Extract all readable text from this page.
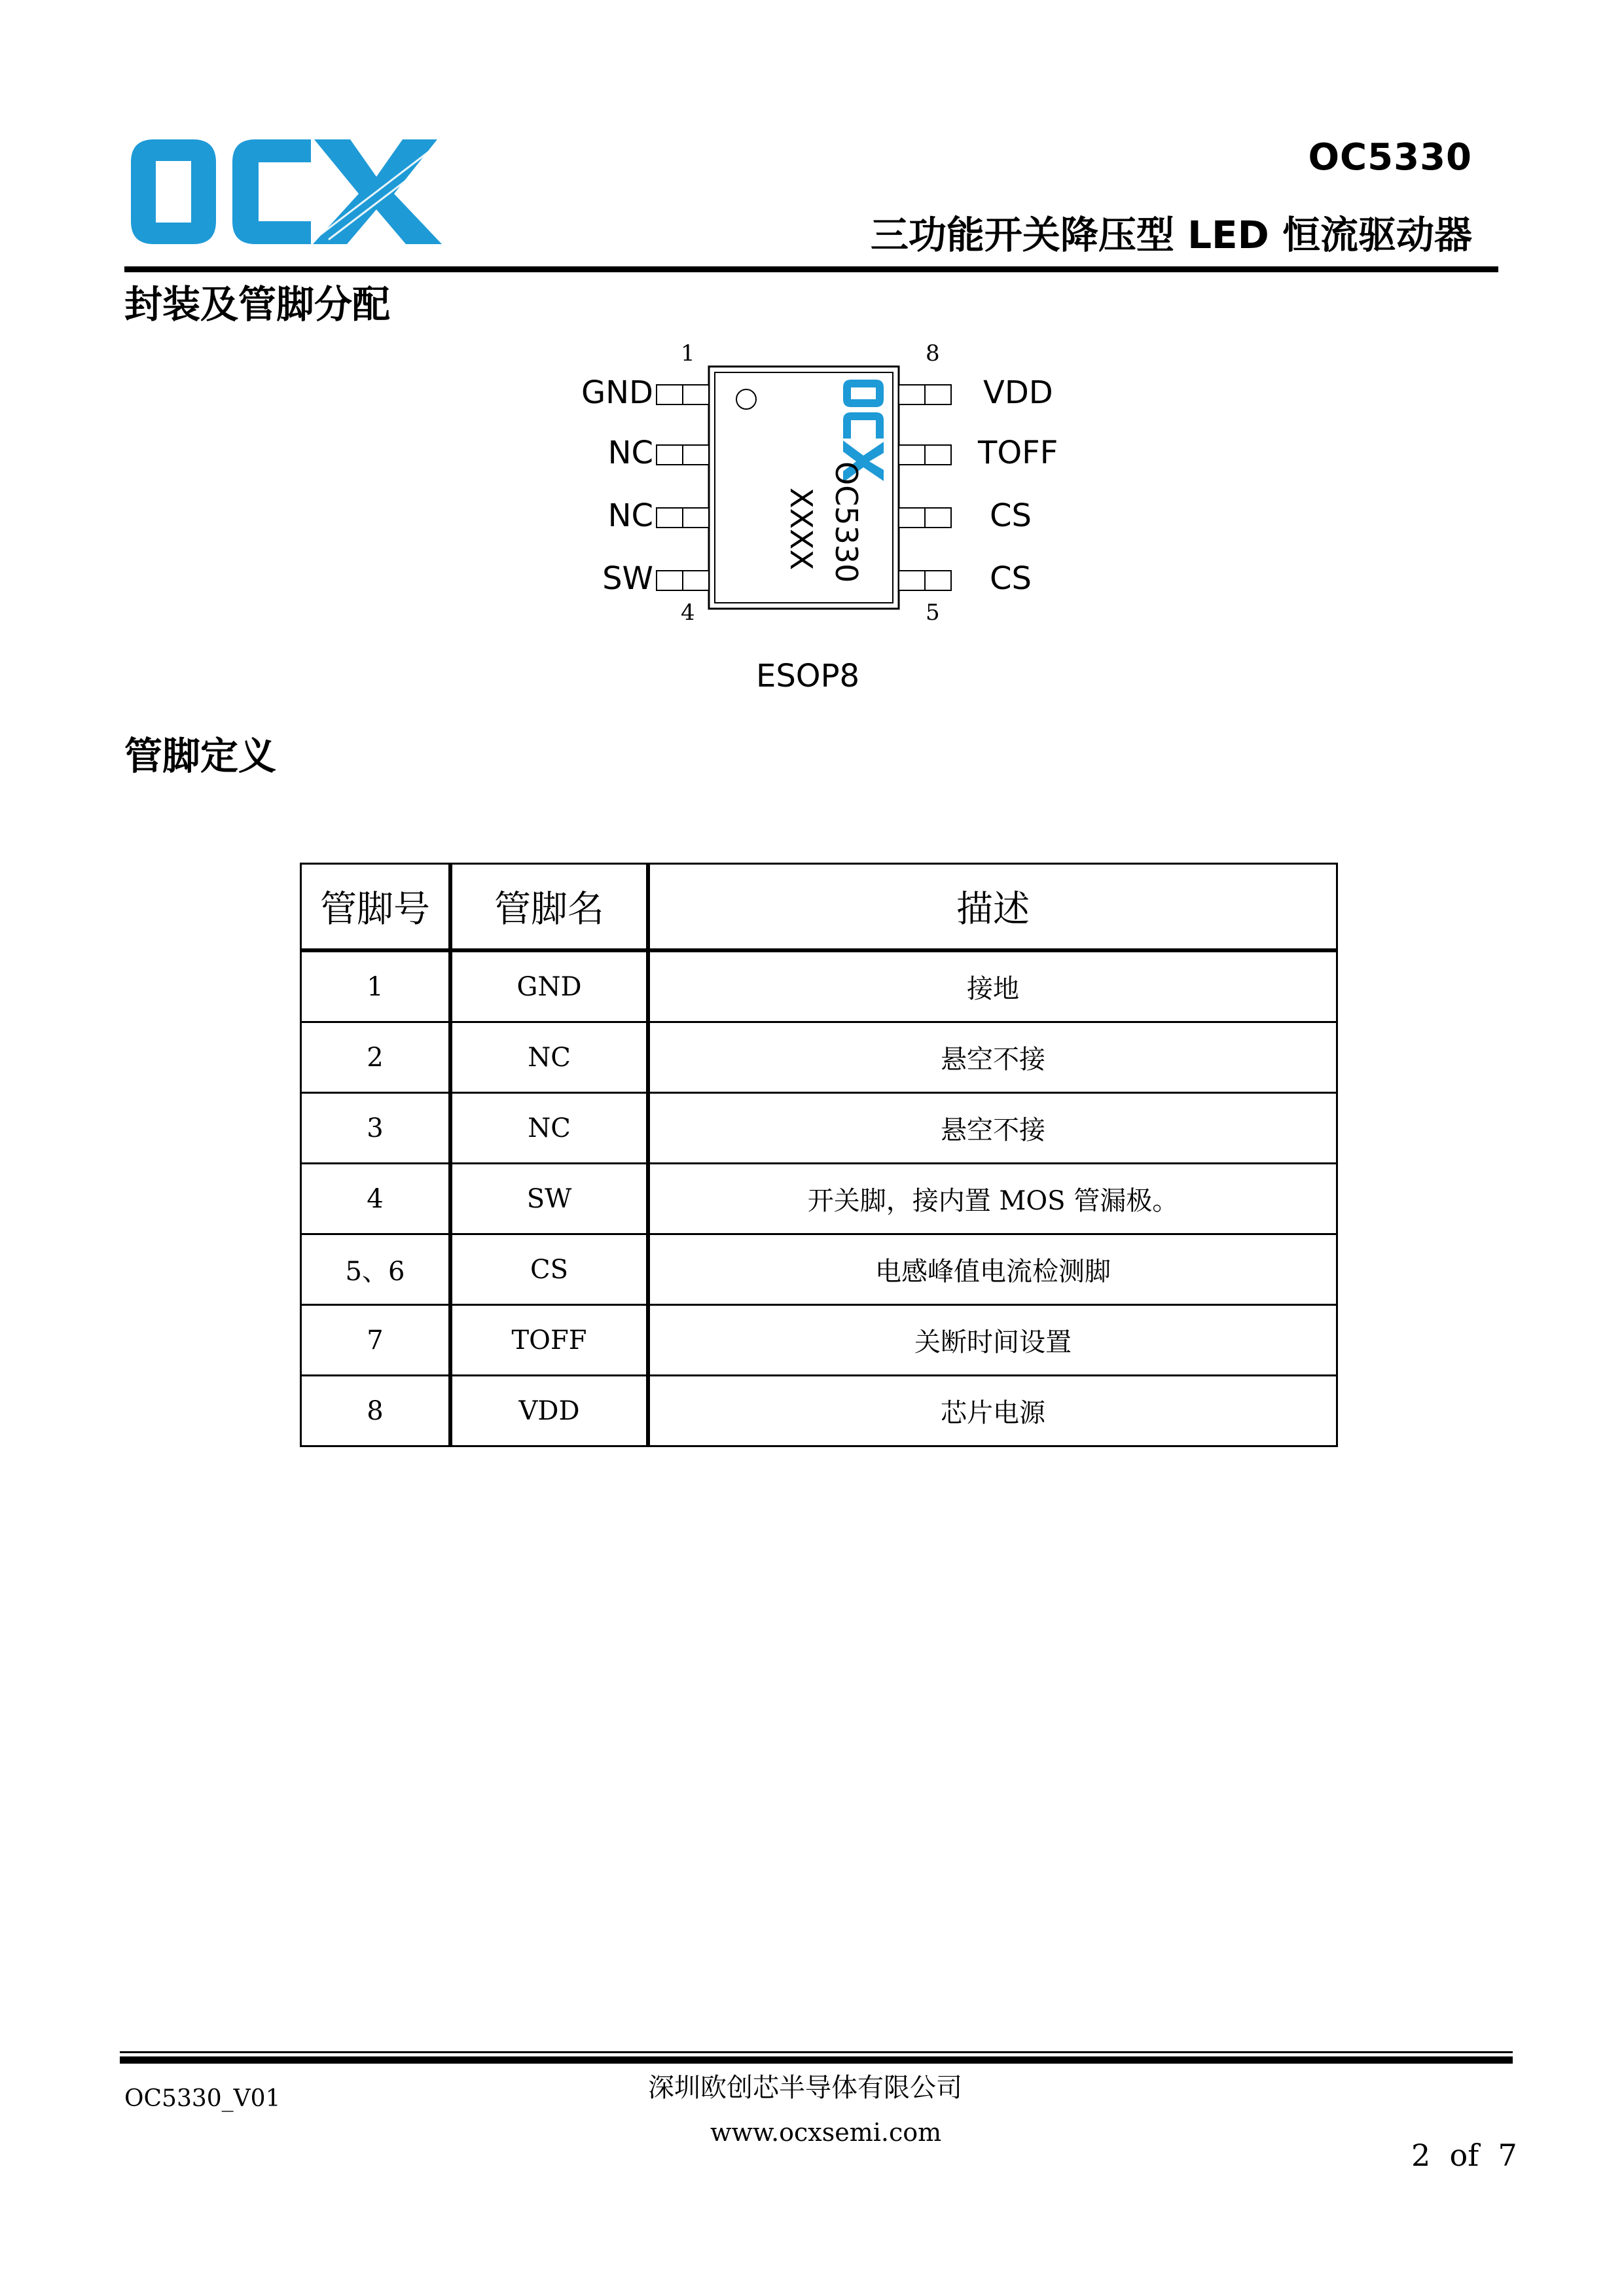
OC5330
三功能开关降压型 LED 恒流驱动器
封装及管脚分配
OC5330
XXXX
1	8
4	5
GND
NC
NC
SW
VDD
TOFF
CS
CS
ESOP8
管脚定义
管脚号	管脚名	描述
1	GND	接地
2	NC	悬空不接
3	NC	悬空不接
4	SW	开关脚，接内置 MOS 管漏极。
5、6	CS	电感峰值电流检测脚
7	TOFF	关断时间设置
8	VDD	芯片电源
OC5330_V01	深圳欧创芯半导体有限公司
www.ocxsemi.com
2  of  7
